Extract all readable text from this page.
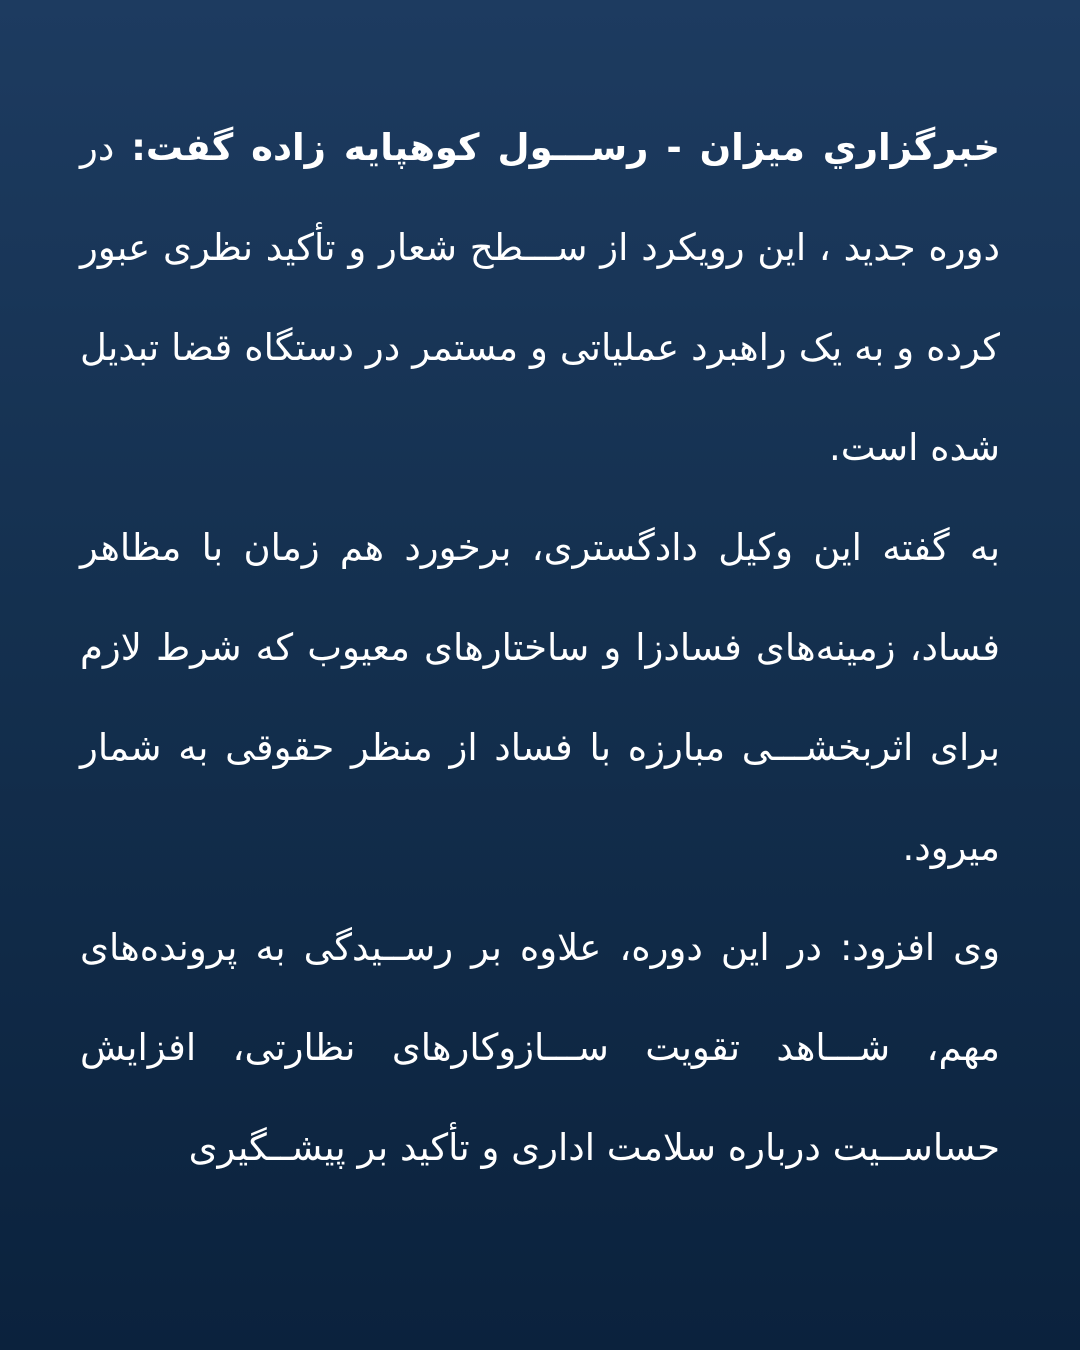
خبرگزاري ميزان - رســـول کوهپایه زاده گفت: در دوره جدید ، این رویکرد از ســـطح شعار و تأکید نظری عبور کرده و به یک راهبرد عملیاتی و مستمر در دستگاه قضا تبدیل شده است.

به گفته این وکیل دادگستری، برخورد هم زمان با مظاهر فساد، زمینه‌های فسادزا و ساختارهای معیوب که شرط لازم برای اثربخشـــی مبارزه با فساد از منظر حقوقی به شمار میرود.

وی افزود: در این دوره، علاوه بر رســیدگی به پرونده‌های مهم، شـــاهد تقویت ســـازوکارهای نظارتی، افزایش حساســیت درباره سلامت اداری و تأکید بر پیشــگیری
